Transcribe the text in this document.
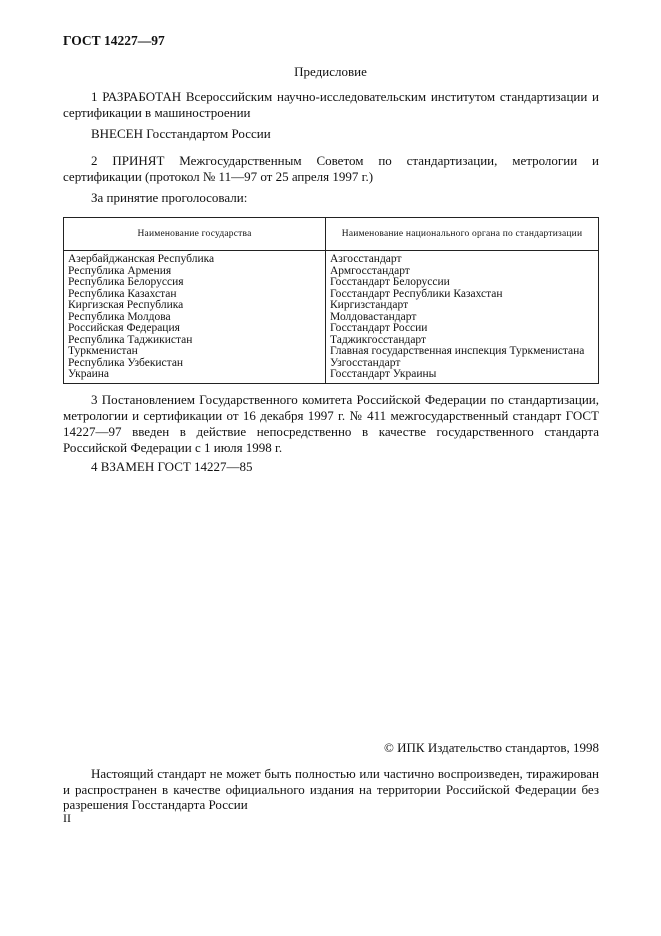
ГОСТ 14227—97
Предисловие
1 РАЗРАБОТАН Всероссийским научно-исследовательским институтом стандартизации и сертификации в машиностроении
ВНЕСЕН Госстандартом России
2 ПРИНЯТ Межгосударственным Советом по стандартизации, метрологии и сертификации (протокол № 11—97 от 25 апреля 1997 г.)
За принятие проголосовали:
Наименование государства	Наименование национального органа по стандартизации
Азербайджанская Республика	Азгосстандарт
Республика Армения	Армгосстандарт
Республика Белоруссия	Госстандарт Белоруссии
Республика Казахстан	Госстандарт Республики Казахстан
Киргизская Республика	Киргизстандарт
Республика Молдова	Молдовастандарт
Российская Федерация	Госстандарт России
Республика Таджикистан	Таджикгосстандарт
Туркменистан	Главная государственная инспекция Туркменистана
Республика Узбекистан	Узгосстандарт
Украина	Госстандарт Украины
3 Постановлением Государственного комитета Российской Федерации по стандартизации, метрологии и сертификации от 16 декабря 1997 г. № 411 межгосударственный стандарт ГОСТ 14227—97 введен в действие непосредственно в качестве государственного стандарта Российской Федерации с 1 июля 1998 г.
4 ВЗАМЕН ГОСТ 14227—85
© ИПК Издательство стандартов, 1998
Настоящий стандарт не может быть полностью или частично воспроизведен, тиражирован и распространен в качестве официального издания на территории Российской Федерации без разрешения Госстандарта России
II
